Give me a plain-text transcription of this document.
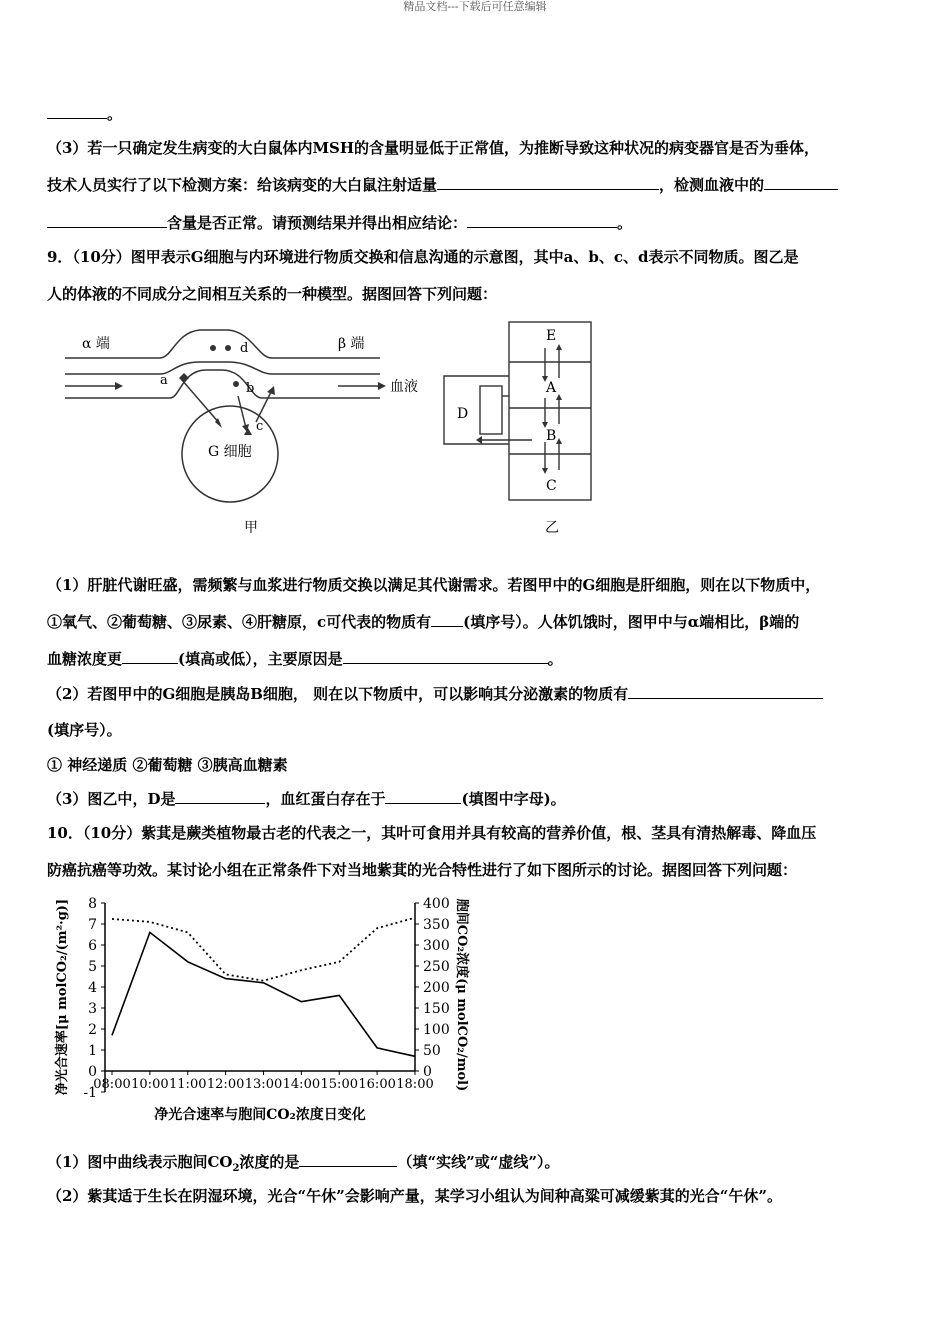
精品文档---下载后可任意编辑
。
（3）若一只确定发生病变的大白鼠体内MSH的含量明显低于正常值，为推断导致这种状况的病变器官是否为垂体，
技术人员实行了以下检测方案：给该病变的大白鼠注射适量	，检测血液中的
含量是否正常。请预测结果并得出相应结论：	。
9．（10分）图甲表示G细胞与内环境进行物质交换和信息沟通的示意图，其中a、b、c、d表示不同物质。图乙是
人的体液的不同成分之间相互关系的一种模型。据图回答下列问题：
α 端	β 端
血液
a
d
b
c
G 细胞
甲
E
A
B
C
D
乙
（1）肝脏代谢旺盛，需频繁与血浆进行物质交换以满足其代谢需求。若图甲中的G细胞是肝细胞，则在以下物质中，
①氧气、②葡萄糖、③尿素、④肝糖原，c可代表的物质有 (填序号）。人体饥饿时，图甲中与α端相比，β端的
血糖浓度更	(填高或低），主要原因是	。
（2）若图甲中的G细胞是胰岛B细胞， 则在以下物质中，可以影响其分泌激素的物质有
(填序号）。
① 神经递质 ②葡萄糖 ③胰高血糖素
（3）图乙中，D是	，血红蛋白存在于	(填图中字母)。
10．（10分）紫萁是蕨类植物最古老的代表之一，其叶可食用并具有较高的营养价值，根、茎具有清热解毒、降血压
防癌抗癌等功效。某讨论小组在正常条件下对当地紫萁的光合特性进行了如下图所示的讨论。据图回答下列问题：
-1
0
1
2
3
4
5
6
7
8
0
50
100
150
200
250
300
350
400
08:00 10:00 11:00 12:00 13:00 14:00 15:00 16:00 18:00
净光合速率[μ molCO₂/(m²·g)]	胞间CO₂浓度(μ molCO₂/mol)
净光合速率与胞间CO₂浓度日变化
（1）图中曲线表示胞间$CO_2$浓度的是	（填“实线”或“虚线”）。
（2）紫萁适于生长在阴湿环境，光合“午休”会影响产量，某学习小组认为间种高粱可减缓紫萁的光合“午休”。
